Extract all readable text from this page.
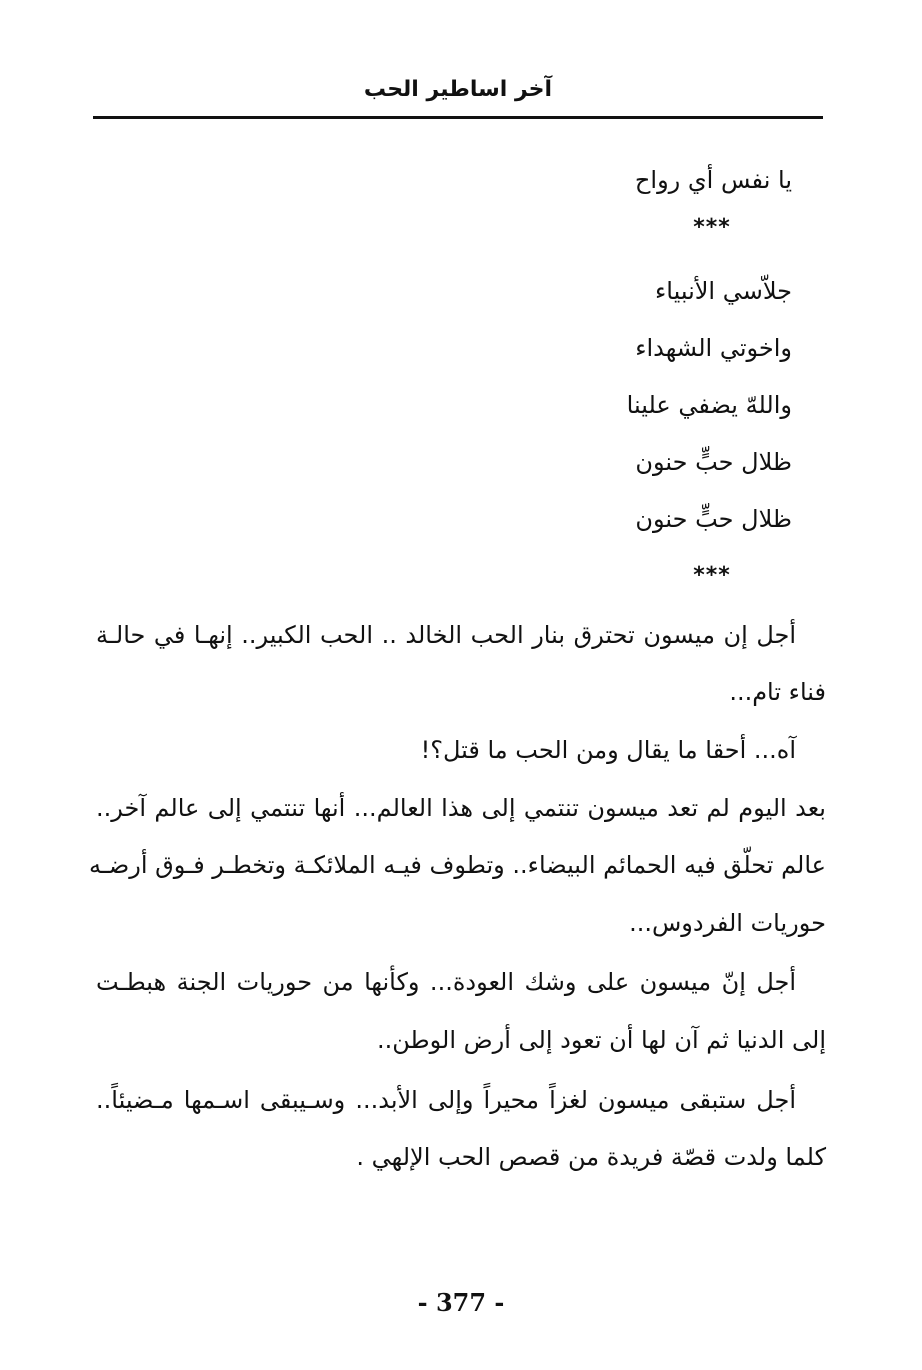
آخر اساطير الحب
يا نفس أي رواح
***
جلاّسي الأنبياء
واخوتي الشهداء
واللهّ يضفي علينا
ظلال حبٍّ حنون
ظلال حبٍّ حنون
***
أجل إن ميسون تحترق بنار الحب الخالد .. الحب الكبير.. إنهـا في حالـة
فناء تام...
آه... أحقا ما يقال ومن الحب ما قتل؟!
بعد اليوم لم تعد ميسون تنتمي إلى هذا العالم... أنها تنتمي إلى عالم آخر..
عالم تحلّق فيه الحمائم البيضاء.. وتطوف فيـه الملائكـة وتخطـر فـوق أرضـه
حوريات الفردوس...
أجل إنّ ميسون على وشك العودة... وكأنها من حوريات الجنة هبطـت
إلى الدنيا ثم آن لها أن تعود إلى أرض الوطن..
أجل ستبقى ميسون لغزاً محيراً وإلى الأبد... وسـيبقى اسـمها مـضيئاً..
كلما ولدت قصّة فريدة من قصص الحب الإلهي .
- 377 -
